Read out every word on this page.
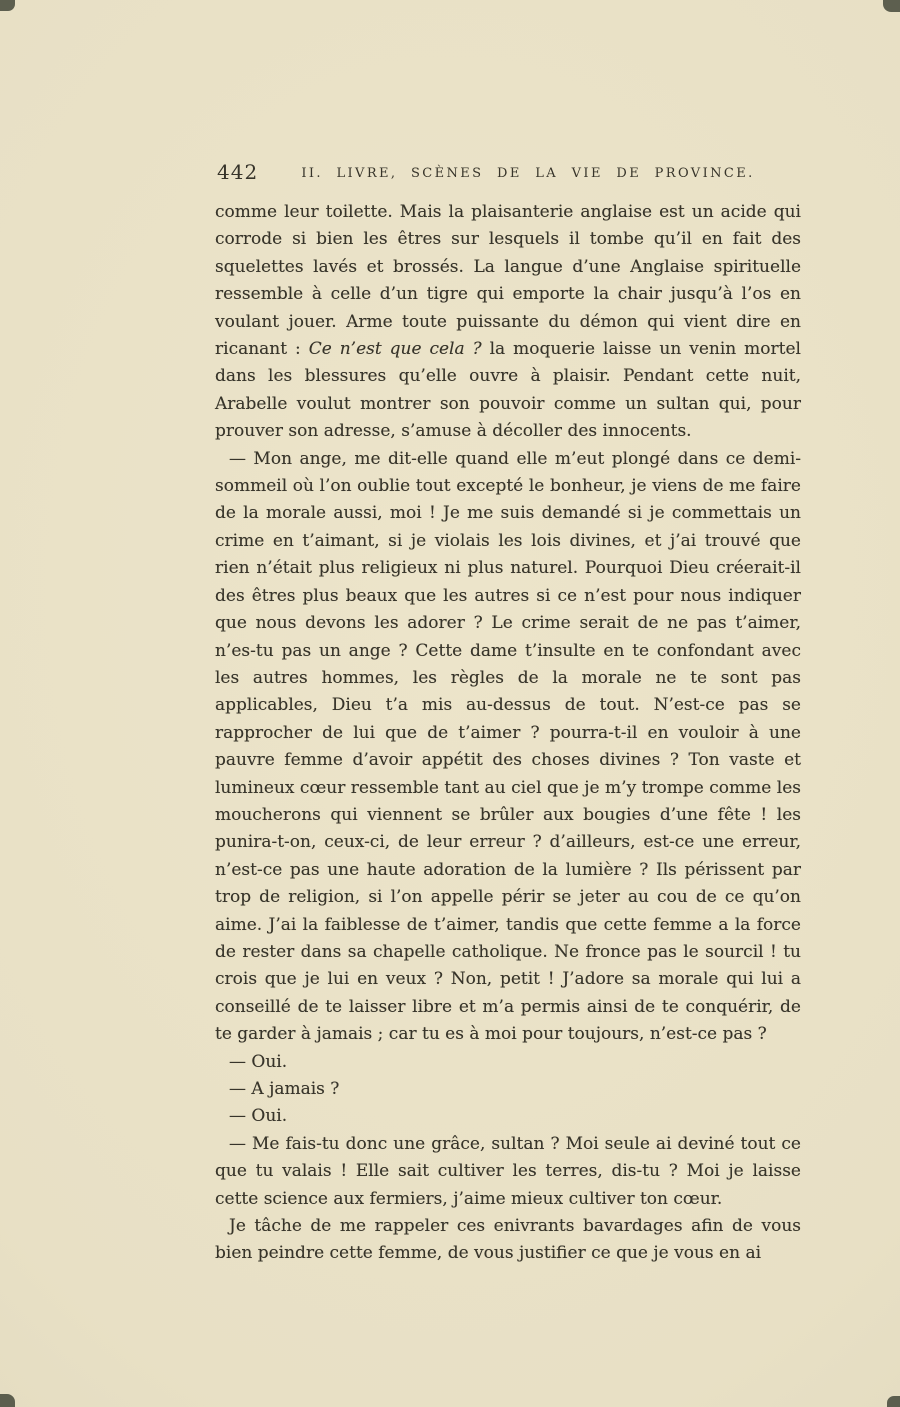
442	II. LIVRE, SCÈNES DE LA VIE DE PROVINCE.

comme leur toilette. Mais la plaisanterie anglaise est un acide qui corrode si bien les êtres sur lesquels il tombe qu’il en fait des squelettes lavés et brossés. La langue d’une Anglaise spirituelle ressemble à celle d’un tigre qui emporte la chair jusqu’à l’os en voulant jouer. Arme toute puissante du démon qui vient dire en ricanant : Ce n’est que cela ? la moquerie laisse un venin mortel dans les blessures qu’elle ouvre à plaisir. Pendant cette nuit, Arabelle voulut montrer son pouvoir comme un sultan qui, pour prouver son adresse, s’amuse à décoller des innocents.

— Mon ange, me dit-elle quand elle m’eut plongé dans ce demi-sommeil où l’on oublie tout excepté le bonheur, je viens de me faire de la morale aussi, moi ! Je me suis demandé si je commettais un crime en t’aimant, si je violais les lois divines, et j’ai trouvé que rien n’était plus religieux ni plus naturel. Pourquoi Dieu créerait-il des êtres plus beaux que les autres si ce n’est pour nous indiquer que nous devons les adorer ? Le crime serait de ne pas t’aimer, n’es-tu pas un ange ? Cette dame t’insulte en te confondant avec les autres hommes, les règles de la morale ne te sont pas applicables, Dieu t’a mis au-dessus de tout. N’est-ce pas se rapprocher de lui que de t’aimer ? pourra-t-il en vouloir à une pauvre femme d’avoir appétit des choses divines ? Ton vaste et lumineux cœur ressemble tant au ciel que je m’y trompe comme les moucherons qui viennent se brûler aux bougies d’une fête ! les punira-t-on, ceux-ci, de leur erreur ? d’ailleurs, est-ce une erreur, n’est-ce pas une haute adoration de la lumière ? Ils périssent par trop de religion, si l’on appelle périr se jeter au cou de ce qu’on aime. J’ai la faiblesse de t’aimer, tandis que cette femme a la force de rester dans sa chapelle catholique. Ne fronce pas le sourcil ! tu crois que je lui en veux ? Non, petit ! J’adore sa morale qui lui a conseillé de te laisser libre et m’a permis ainsi de te conquérir, de te garder à jamais ; car tu es à moi pour toujours, n’est-ce pas ?

— Oui.

— A jamais ?

— Oui.

— Me fais-tu donc une grâce, sultan ? Moi seule ai deviné tout ce que tu valais ! Elle sait cultiver les terres, dis-tu ? Moi je laisse cette science aux fermiers, j’aime mieux cultiver ton cœur.

Je tâche de me rappeler ces enivrants bavardages afin de vous bien peindre cette femme, de vous justifier ce que je vous en ai
